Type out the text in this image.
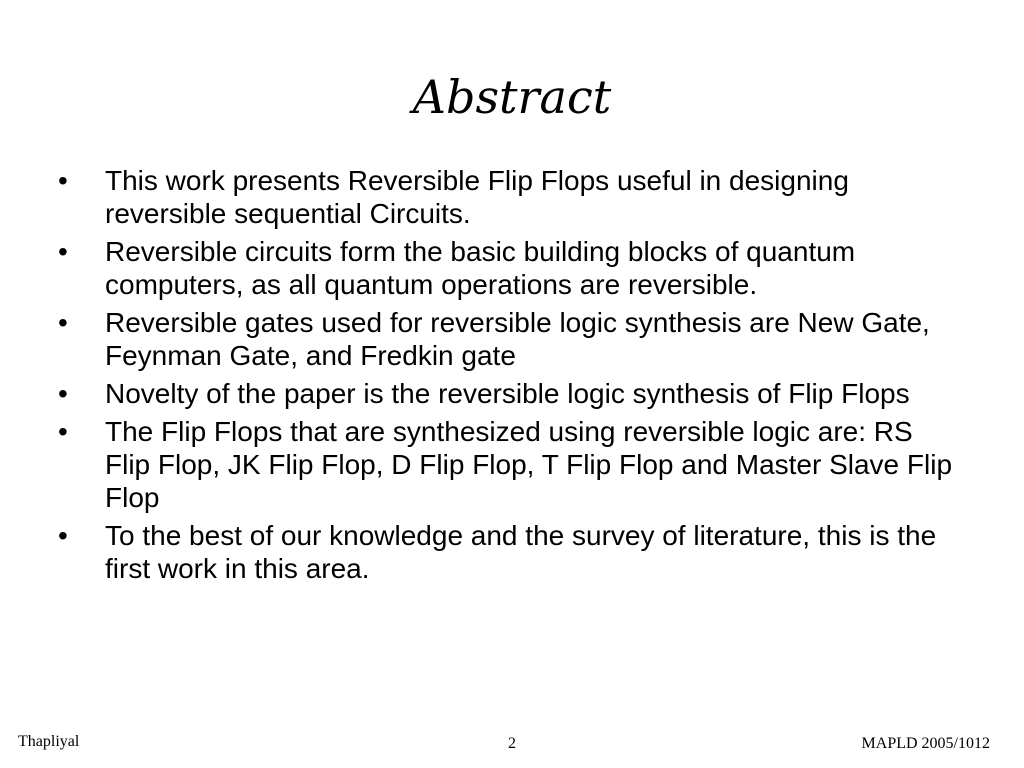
Abstract
•	This work presents Reversible Flip Flops useful in designing reversible sequential Circuits.
•	Reversible circuits form the basic building blocks of quantum computers, as all quantum operations are reversible.
•	Reversible gates used for reversible logic synthesis are New Gate, Feynman Gate, and Fredkin gate
•	Novelty of the paper is the reversible logic synthesis of Flip Flops
•	The Flip Flops that are synthesized using reversible logic are: RS Flip Flop, JK Flip Flop, D Flip Flop, T Flip Flop and Master Slave Flip Flop
•	To the best of our knowledge and the survey of literature, this is the first work in this area.
Thapliyal	2	MAPLD 2005/1012
